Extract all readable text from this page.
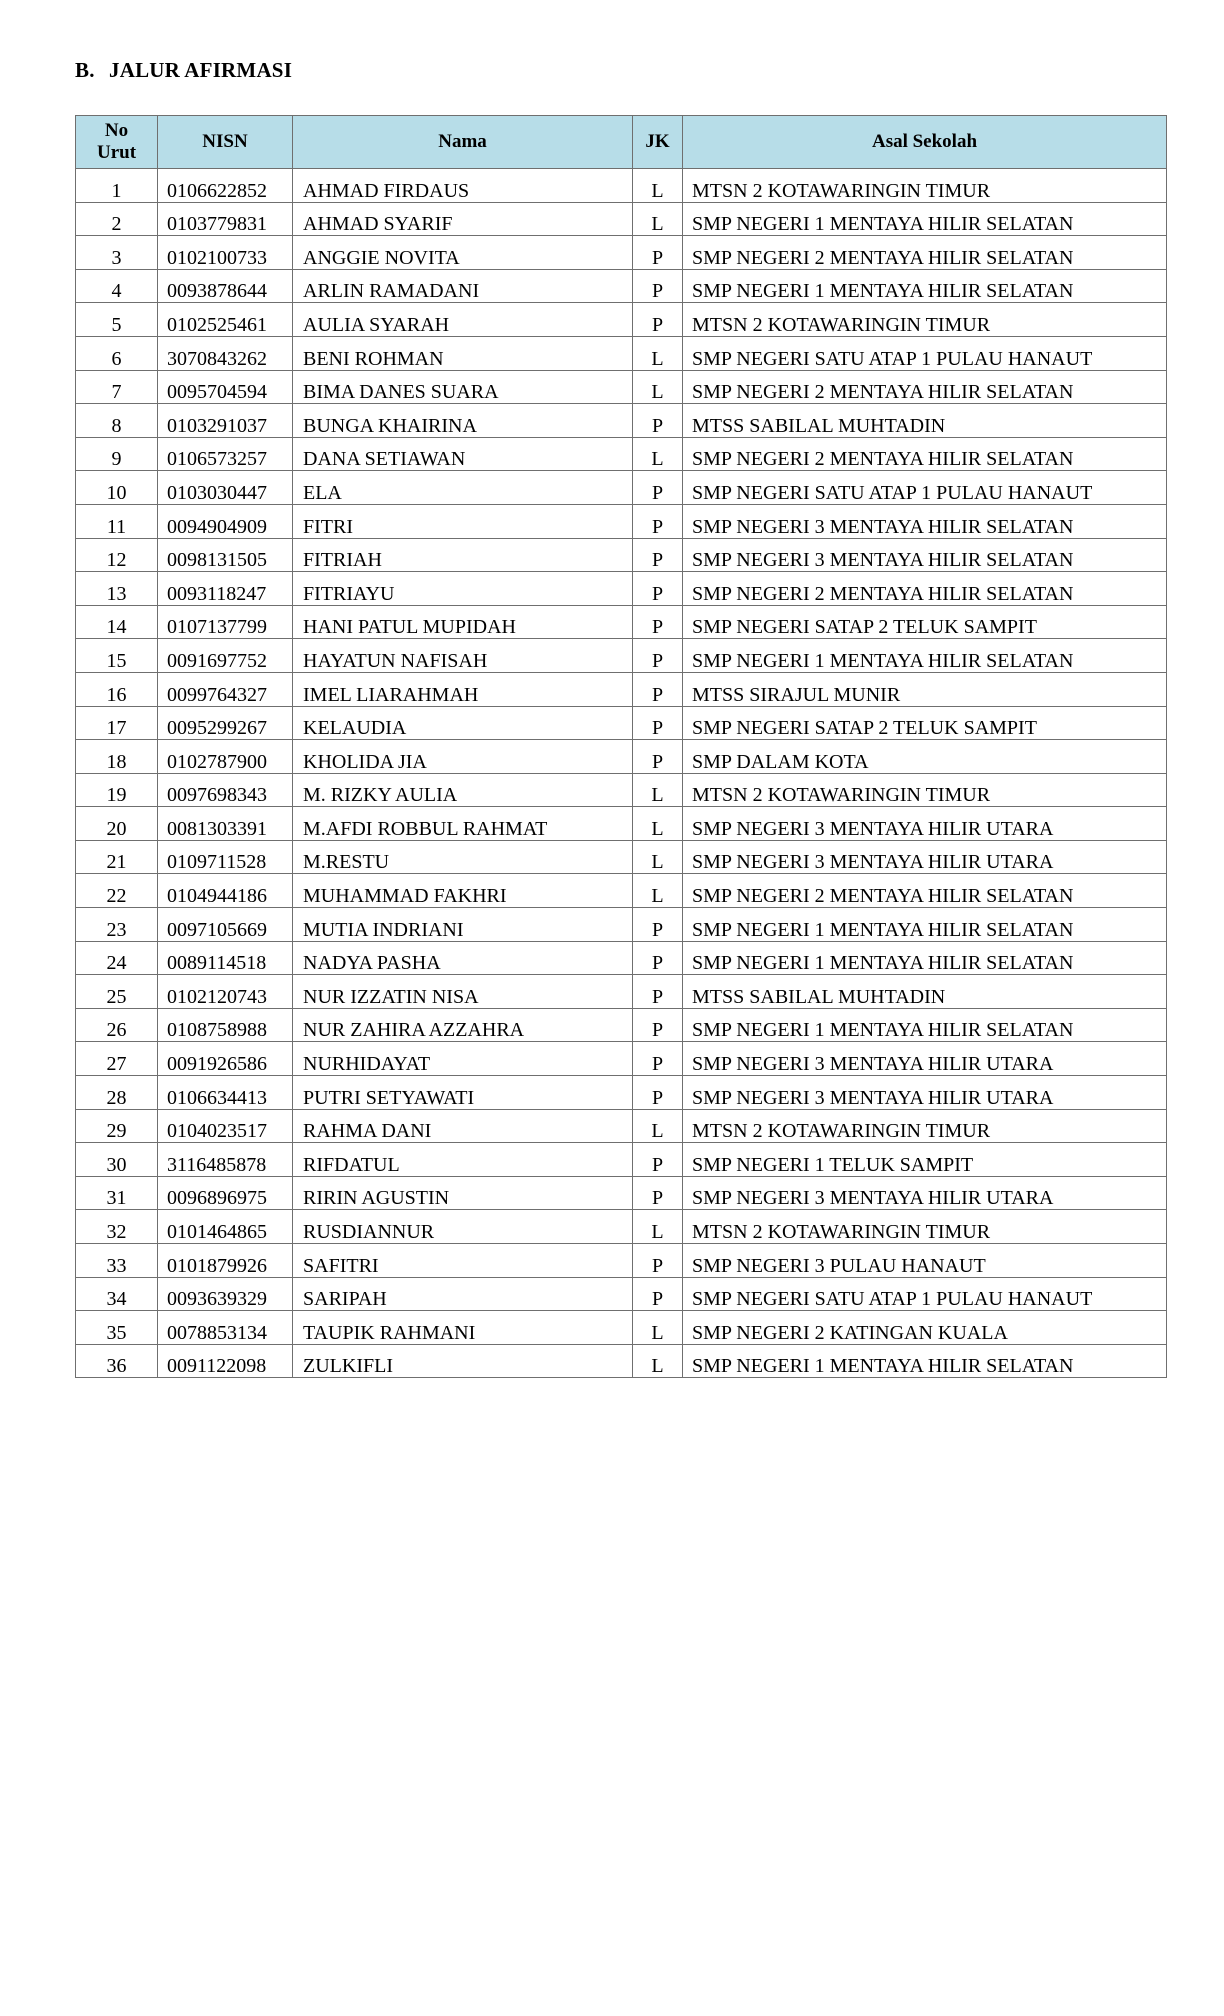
B. JALUR AFIRMASI
No Urut	NISN	Nama	JK	Asal Sekolah
1	0106622852	AHMAD FIRDAUS	L	MTSN 2 KOTAWARINGIN TIMUR
2	0103779831	AHMAD SYARIF	L	SMP NEGERI 1 MENTAYA HILIR SELATAN
3	0102100733	ANGGIE NOVITA	P	SMP NEGERI 2 MENTAYA HILIR SELATAN
4	0093878644	ARLIN RAMADANI	P	SMP NEGERI 1 MENTAYA HILIR SELATAN
5	0102525461	AULIA SYARAH	P	MTSN 2 KOTAWARINGIN TIMUR
6	3070843262	BENI ROHMAN	L	SMP NEGERI SATU ATAP 1 PULAU HANAUT
7	0095704594	BIMA DANES SUARA	L	SMP NEGERI 2 MENTAYA HILIR SELATAN
8	0103291037	BUNGA KHAIRINA	P	MTSS SABILAL MUHTADIN
9	0106573257	DANA SETIAWAN	L	SMP NEGERI 2 MENTAYA HILIR SELATAN
10	0103030447	ELA	P	SMP NEGERI SATU ATAP 1 PULAU HANAUT
11	0094904909	FITRI	P	SMP NEGERI 3 MENTAYA HILIR SELATAN
12	0098131505	FITRIAH	P	SMP NEGERI 3 MENTAYA HILIR SELATAN
13	0093118247	FITRIAYU	P	SMP NEGERI 2 MENTAYA HILIR SELATAN
14	0107137799	HANI PATUL MUPIDAH	P	SMP NEGERI SATAP 2 TELUK SAMPIT
15	0091697752	HAYATUN NAFISAH	P	SMP NEGERI 1 MENTAYA HILIR SELATAN
16	0099764327	IMEL LIARAHMAH	P	MTSS SIRAJUL MUNIR
17	0095299267	KELAUDIA	P	SMP NEGERI SATAP 2 TELUK SAMPIT
18	0102787900	KHOLIDA JIA	P	SMP DALAM KOTA
19	0097698343	M. RIZKY AULIA	L	MTSN 2 KOTAWARINGIN TIMUR
20	0081303391	M.AFDI ROBBUL RAHMAT	L	SMP NEGERI 3 MENTAYA HILIR UTARA
21	0109711528	M.RESTU	L	SMP NEGERI 3 MENTAYA HILIR UTARA
22	0104944186	MUHAMMAD FAKHRI	L	SMP NEGERI 2 MENTAYA HILIR SELATAN
23	0097105669	MUTIA INDRIANI	P	SMP NEGERI 1 MENTAYA HILIR SELATAN
24	0089114518	NADYA PASHA	P	SMP NEGERI 1 MENTAYA HILIR SELATAN
25	0102120743	NUR IZZATIN NISA	P	MTSS SABILAL MUHTADIN
26	0108758988	NUR ZAHIRA AZZAHRA	P	SMP NEGERI 1 MENTAYA HILIR SELATAN
27	0091926586	NURHIDAYAT	P	SMP NEGERI 3 MENTAYA HILIR UTARA
28	0106634413	PUTRI SETYAWATI	P	SMP NEGERI 3 MENTAYA HILIR UTARA
29	0104023517	RAHMA DANI	L	MTSN 2 KOTAWARINGIN TIMUR
30	3116485878	RIFDATUL	P	SMP NEGERI 1 TELUK SAMPIT
31	0096896975	RIRIN AGUSTIN	P	SMP NEGERI 3 MENTAYA HILIR UTARA
32	0101464865	RUSDIANNUR	L	MTSN 2 KOTAWARINGIN TIMUR
33	0101879926	SAFITRI	P	SMP NEGERI 3 PULAU HANAUT
34	0093639329	SARIPAH	P	SMP NEGERI SATU ATAP 1 PULAU HANAUT
35	0078853134	TAUPIK RAHMANI	L	SMP NEGERI 2 KATINGAN KUALA
36	0091122098	ZULKIFLI	L	SMP NEGERI 1 MENTAYA HILIR SELATAN
